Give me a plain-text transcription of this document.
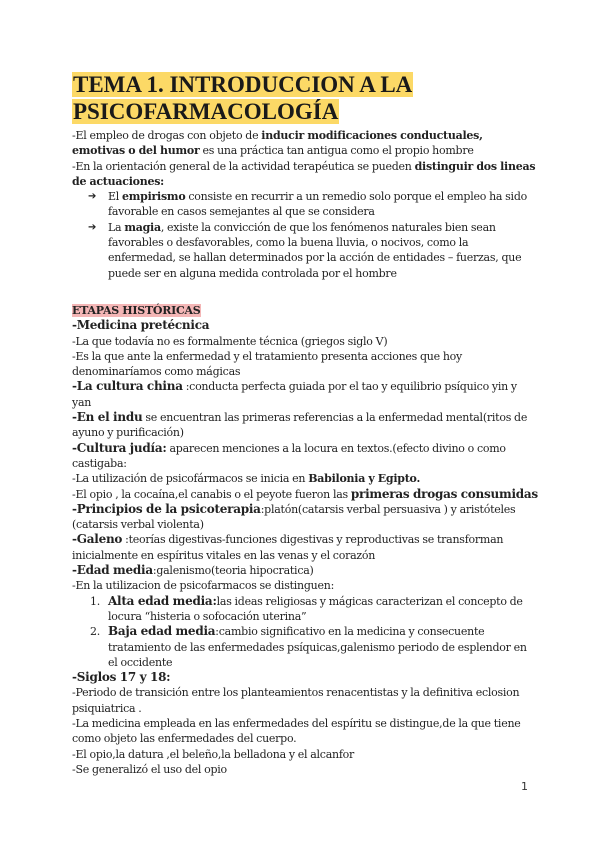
TEMA 1. INTRODUCCION A LA
PSICOFARMACOLOGÍA

-El empleo de drogas con objeto de inducir modificaciones conductuales, emotivas o del humor es una práctica tan antigua como el propio hombre

-En la orientación general de la actividad terapéutica se pueden distinguir dos lineas de actuaciones:

➔ El empirismo consiste en recurrir a un remedio solo porque el empleo ha sido favorable en casos semejantes al que se considera
➔ La magia, existe la convicción de que los fenómenos naturales bien sean favorables o desfavorables, como la buena lluvia, o nocivos, como la enfermedad, se hallan determinados por la acción de entidades – fuerzas, que puede ser en alguna medida controlada por el hombre

ETAPAS HISTÓRICAS

-Medicina pretécnica

-La que todavía no es formalmente técnica (griegos siglo V)

-Es la que ante la enfermedad y el tratamiento presenta acciones que hoy denominaríamos como mágicas

-La cultura china :conducta perfecta guiada por el tao y equilibrio psíquico yin y yan

-En el indu se encuentran las primeras referencias a la enfermedad mental(ritos de ayuno y purificación)

-Cultura judía: aparecen menciones a la locura en textos.(efecto divino o como castigaba:

-La utilización de psicofármacos se inicia en Babilonia y Egipto.

-El opio , la cocaína,el canabis o el peyote fueron las primeras drogas consumidas

-Principios de la psicoterapia:platón(catarsis verbal persuasiva ) y aristóteles (catarsis verbal violenta)

-Galeno :teorías digestivas-funciones digestivas y reproductivas se transforman inicialmente en espíritus vitales en las venas y el corazón

-Edad media:galenismo(teoria hipocratica)

-En la utilizacion de psicofarmacos se distinguen:

1. Alta edad media:las ideas religiosas y mágicas caracterizan el concepto de locura “histeria o sofocación uterina”
2. Baja edad media:cambio significativo en la medicina y consecuente tratamiento de las enfermedades psíquicas,galenismo periodo de esplendor en el occidente

-Siglos 17 y 18:

-Periodo de transición entre los planteamientos renacentistas y la definitiva eclosion psiquiatrica .

-La medicina empleada en las enfermedades del espíritu se distingue,de la que tiene como objeto las enfermedades del cuerpo.

-El opio,la datura ,el beleño,la belladona y el alcanfor

-Se generalizó el uso del opio

1
